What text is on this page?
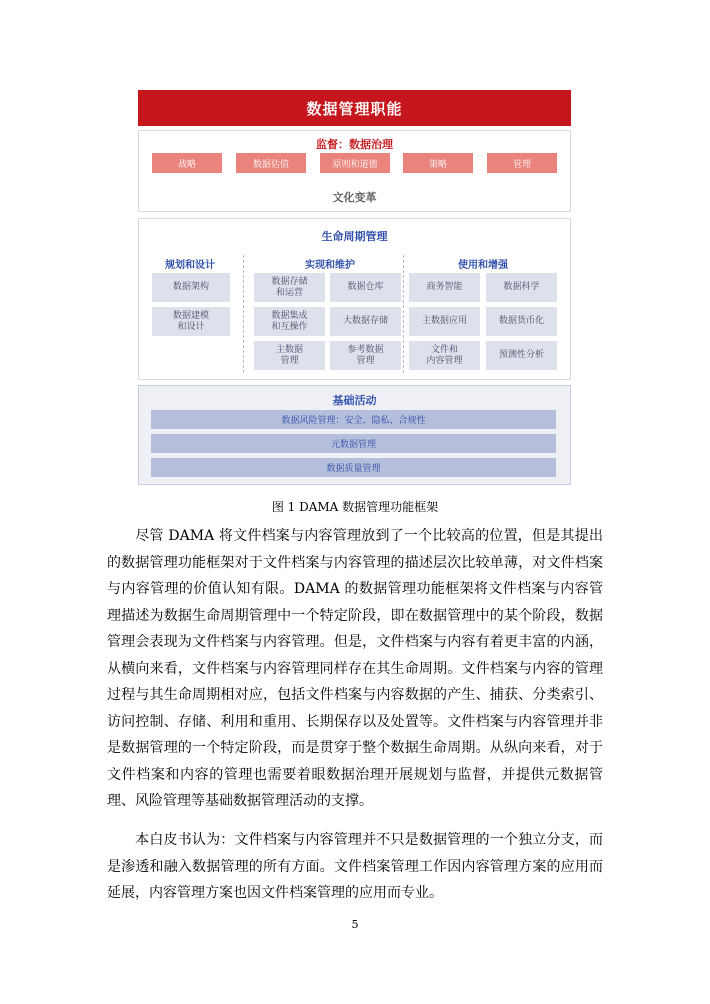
数据管理职能
监督：数据治理
战略	数据估值	原则和道德	策略	管理
文化变革
生命周期管理
规划和设计	实现和维护	使用和增强
数据架构
数据建模
和设计
数据存储
和运营
数据仓库
数据集成
和互操作
大数据存储
主数据
管理
参考数据
管理
商务智能	数据科学
主数据应用	数据货币化
文件和
内容管理
预测性分析
基础活动
数据风险管理：安全、隐私、合规性
元数据管理
数据质量管理
图 1 DAMA 数据管理功能框架

尽管 DAMA 将文件档案与内容管理放到了一个比较高的位置，但是其提出的数据管理功能框架对于文件档案与内容管理的描述层次比较单薄，对文件档案与内容管理的价值认知有限。DAMA 的数据管理功能框架将文件档案与内容管理描述为数据生命周期管理中一个特定阶段，即在数据管理中的某个阶段，数据管理会表现为文件档案与内容管理。但是，文件档案与内容有着更丰富的内涵，从横向来看，文件档案与内容管理同样存在其生命周期。文件档案与内容的管理过程与其生命周期相对应，包括文件档案与内容数据的产生、捕获、分类索引、访问控制、存储、利用和重用、长期保存以及处置等。文件档案与内容管理并非是数据管理的一个特定阶段，而是贯穿于整个数据生命周期。从纵向来看，对于文件档案和内容的管理也需要着眼数据治理开展规划与监督，并提供元数据管理、风险管理等基础数据管理活动的支撑。

本白皮书认为：文件档案与内容管理并不只是数据管理的一个独立分支，而是渗透和融入数据管理的所有方面。文件档案管理工作因内容管理方案的应用而延展，内容管理方案也因文件档案管理的应用而专业。

5
